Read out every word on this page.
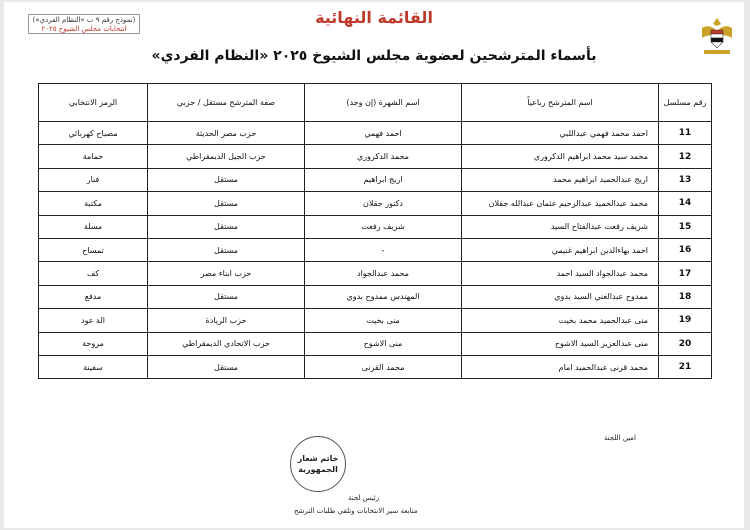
القائمة النهائية
(نموذج رقم ٩ ب «النظام الفردي»)
انتخابات مجلس الشيوخ ٢٠٢٥
بأسماء المترشحين لعضوية مجلس الشيوخ ٢٠٢٥ «النظام الفردي»
رقم مسلسل	اسم المترشح رباعياً	اسم الشهرة (إن وجد)	صفة المترشح مستقل / حزبي	الرمز الانتخابي
11	احمد محمد فهمي عبداللبي	احمد فهمي	حزب مصر الحديثة	مصباح كهربائي
12	محمد سيد محمد ابراهيم الدكروري	محمد الدكروري	حزب الجيل الديمقراطي	حمامة
13	اريج عبدالحميد ابراهيم محمد	اريج ابراهيم	مستقل	فنار
14	محمد عبدالحميد عبدالرحيم عثمان عبدالله جقلان	دكتور جقلان	مستقل	مكتبة
15	شريف رفعت عبدالفتاح السيد	شريف رفعت	مستقل	مسلة
16	احمد بهاءالدين ابراهيم غنيمي	-	مستقل	تمساح
17	محمد عبدالجواد السيد احمد	محمد عبدالجواد	حزب ابناء مصر	كف
18	ممدوح عبدالغني السيد بدوي	المهندس ممدوح بدوي	مستقل	مدفع
19	منى عبدالحميد محمد بخيت	منى بخيت	حزب الريادة	الة عود
20	منى عبدالعزيز السيد الاشوح	منى الاشوح	حزب الاتحادي الديمقراطي	مروحة
21	محمد قرنى عبدالحميد امام	محمد القرنى	مستقل	سفينة
خاتم شعار
الجمهورية
امين اللجنة
رئيس لجنة
متابعة سير الانتخابات وتلقي طلبات الترشح
